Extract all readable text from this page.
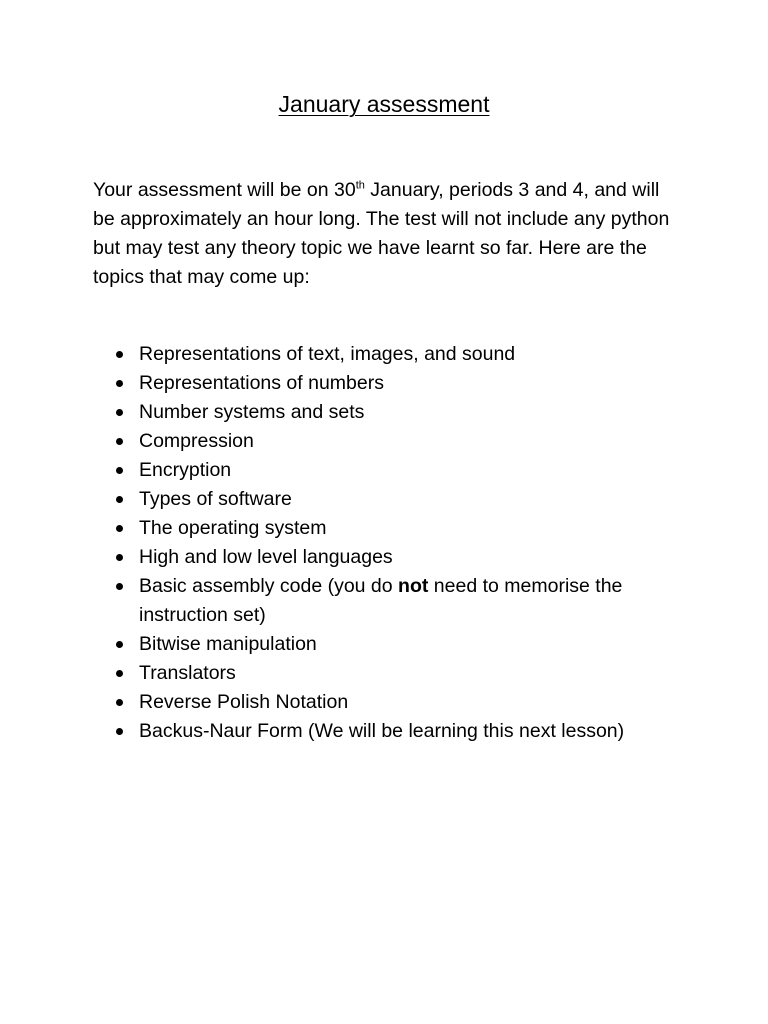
January assessment

Your assessment will be on 30th January, periods 3 and 4, and will be approximately an hour long. The test will not include any python but may test any theory topic we have learnt so far. Here are the topics that may come up:

Representations of text, images, and sound
Representations of numbers
Number systems and sets
Compression
Encryption
Types of software
The operating system
High and low level languages
Basic assembly code (you do not need to memorise the instruction set)
Bitwise manipulation
Translators
Reverse Polish Notation
Backus-Naur Form (We will be learning this next lesson)
